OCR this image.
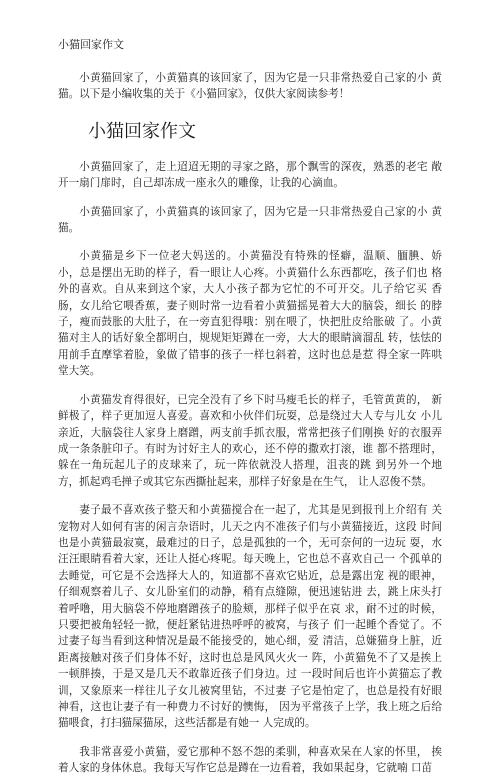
小猫回家作文

小黄猫回家了，小黄猫真的该回家了，因为它是一只非常热爱自己家的小 黄猫。以下是小编收集的关于《小猫回家》，仅供大家阅读参考！

小猫回家作文

小黄猫回家了，走上迢迢无期的寻家之路，那个飘雪的深夜，熟悉的老宅 敞开一扇门扉时，自己却冻成一座永久的雕像，让我的心滴血。

小黄猫回家了，小黄猫真的该回家了，因为它是一只非常热爱自己家的小 黄猫。

小黄猫是乡下一位老大妈送的。小黄猫没有特殊的怪癖，温顺、腼腆、娇 小，总是摆出无助的样子，看一眼让人心疼。小黄猫什么东西都吃，孩子们也 格外的喜欢。自从来到这个家，大人小孩子都为它忙的不可开交。儿子给它买 香肠，女儿给它喂香蕉，妻子则时常一边看着小黄猫摇晃着大大的脑袋，细长 的脖子，瘦而鼓胀的大肚子，在一旁直犯得哦：别在喂了，快把肚皮给胀破 了。小黄猫对主人的话好象全都明白，规规矩矩蹲在一旁，大大的眼睛滴溜乱 转，怯怯的用前手直摩挲着脸，象做了错事的孩子一样乜斜着，这时也总是惹 得全家一阵哄堂大笑。

小黄猫发育得很好，已完全没有了乡下时马瘦毛长的样子，毛管黄黄的， 新鲜极了，样子更加逗人喜爱。喜欢和小伙伴们玩耍，总是绕过大人专与儿女 小儿亲近，大脑袋往人家身上磨蹭，两支前手抓衣服，常常把孩子们刚换 好的衣服弄成一条条脏印子。有时为讨好主人的欢心，还不停的撒欢打滚，谁 都不搭理时，躲在一角玩起儿子的皮球来了，玩一阵依就没人搭理，沮丧的跳 到另外一个地方，抓起鸡毛掸子或其它东西撕扯起来，那样子好象是在生气， 让人忍俊不禁。

妻子最不喜欢孩子整天和小黄猫搅合在一起了，尤其是见到报刊上介绍有 关宠物对人如何有害的闲言杂语时，儿天之内不准孩子们与小黄猫接近，这段 时间也是小黄猫最寂寞，最难过的日子，总是孤独的一个，无可奈何的一边玩 耍，水汪汪眼睛看着大家，还让人挺心疼呢。每天晚上，它也总不喜欢自己一 个孤单的去睡觉，可它是不会选择大人的，知道都不喜欢它贴近，总是露出宠 视的眼神，仔细观察着儿子、女儿卧室们的动静，稍有点缝隙，便迅速钻进 去，跳上床头打着呼噜，用大脑袋不停地磨蹭孩子的脸颊，那样子似乎在哀 求，耐不过的时候，只要把被角轻轻一掀，便赶紧钻进热呼呼的被窝，与孩子 们一起睡个香觉了。不过妻子每当看到这种情况是最不能接受的，她心细，爱 清洁，总嫌猫身上脏，近距离接触对孩子们身体不好，这时也总是风风火火一 阵，小黄猫免不了又是挨上一顿胖揍，于是又是几天不敢靠近孩子们身边。过 一段时间后也许小黄猫忘了教训，又象原来一样往儿子女儿被窝里钻，不过妻 子它是怕定了，也总是投有好眼神看，这也让妻子有一种费力不讨好的懊悔， 因为平常孩子上学，我上班之后给猫喂食，打扫猫屎猫尿，这些活都是有她一 人完成的。

我非常喜爱小黄猫，爱它那种不怒不怨的柔驯，种喜欢呆在人家的怀里， 挨着人家的身体休息。我每天写作它总是蹲在一边看着，我如果起身，它就喃 口苗
